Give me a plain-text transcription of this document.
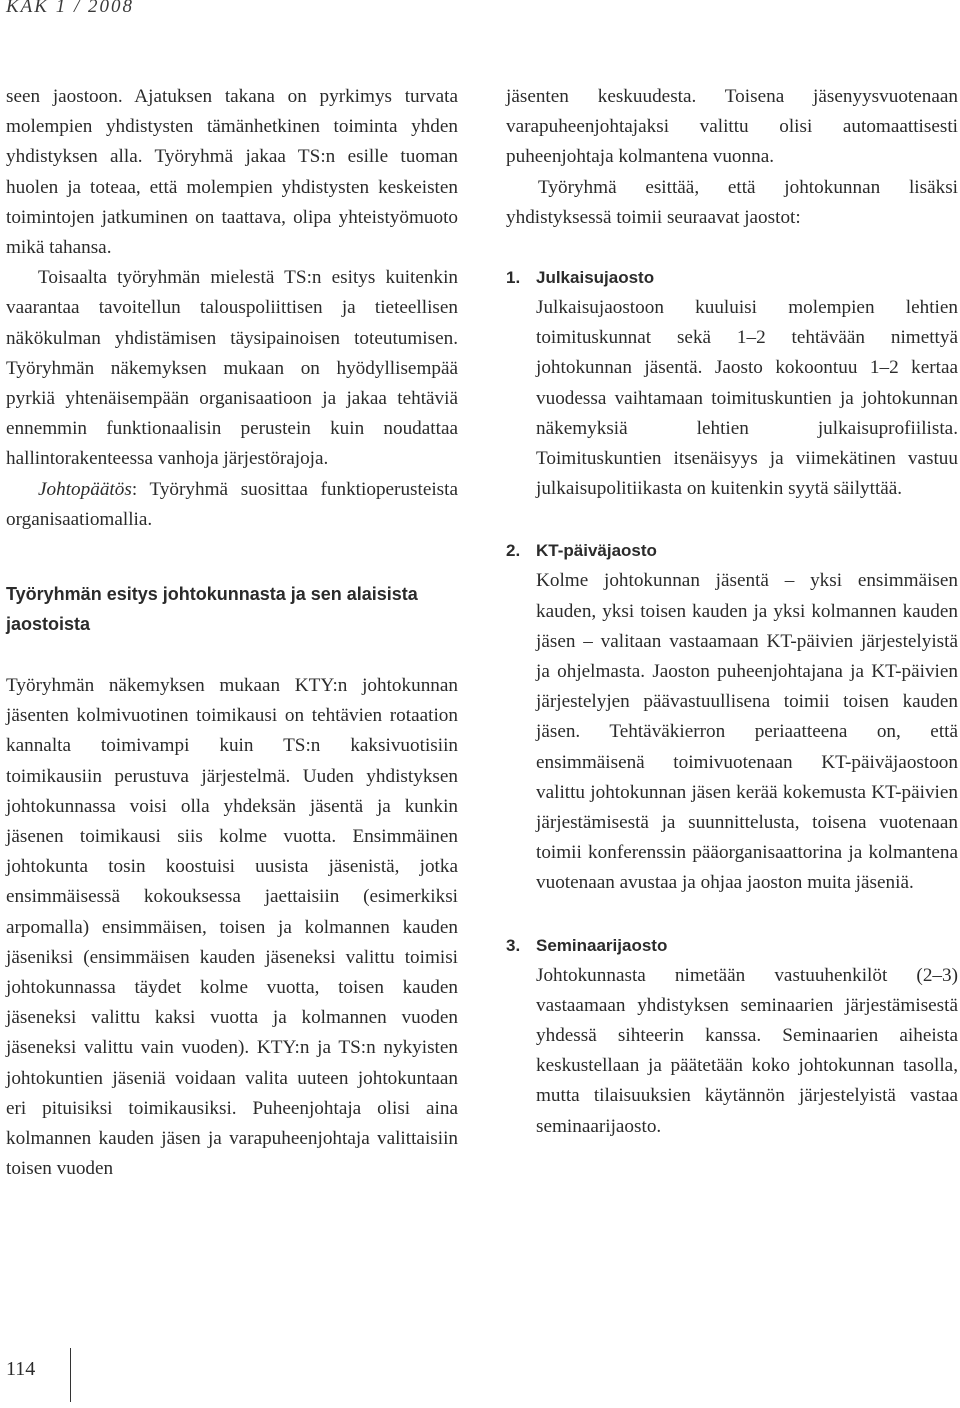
KAK 1 / 2008

seen jaostoon. Ajatuksen takana on pyrkimys turvata molempien yhdistysten tämänhetkinen toiminta yhden yhdistyksen alla. Työryhmä jakaa TS:n esille tuoman huolen ja toteaa, että molempien yhdistysten keskeisten toimintojen jatkuminen on taattava, olipa yhteistyömuoto mikä tahansa.

Toisaalta työryhmän mielestä TS:n esitys kuitenkin vaarantaa tavoitellun talouspoliittisen ja tieteellisen näkökulman yhdistämisen täysipainoisen toteutumisen. Työryhmän näkemyksen mukaan on hyödyllisempää pyrkiä yhtenäisempään organisaatioon ja jakaa tehtäviä ennemmin funktionaalisin perustein kuin noudattaa hallintorakenteessa vanhoja järjestörajoja.

Johtopäätös: Työryhmä suosittaa funktioperusteista organisaatiomallia.

Työryhmän esitys johtokunnasta ja sen alaisista jaostoista

Työryhmän näkemyksen mukaan KTY:n johtokunnan jäsenten kolmivuotinen toimikausi on tehtävien rotaation kannalta toimivampi kuin TS:n kaksivuotisiin toimikausiin perustuva järjestelmä. Uuden yhdistyksen johtokunnassa voisi olla yhdeksän jäsentä ja kunkin jäsenen toimikausi siis kolme vuotta. Ensimmäinen johtokunta tosin koostuisi uusista jäsenistä, jotka ensimmäisessä kokouksessa jaettaisiin (esimerkiksi arpomalla) ensimmäisen, toisen ja kolmannen kauden jäseniksi (ensimmäisen kauden jäseneksi valittu toimisi johtokunnassa täydet kolme vuotta, toisen kauden jäseneksi valittu kaksi vuotta ja kolmannen vuoden jäseneksi valittu vain vuoden). KTY:n ja TS:n nykyisten johtokuntien jäseniä voidaan valita uuteen johtokuntaan eri pituisiksi toimikausiksi. Puheenjohtaja olisi aina kolmannen kauden jäsen ja varapuheenjohtaja valittaisiin toisen vuoden

jäsenten keskuudesta. Toisena jäsenyysvuotenaan varapuheenjohtajaksi valittu olisi automaattisesti puheenjohtaja kolmantena vuonna.

Työryhmä esittää, että johtokunnan lisäksi yhdistyksessä toimii seuraavat jaostot:

1. Julkaisujaosto

Julkaisujaostoon kuuluisi molempien lehtien toimituskunnat sekä 1–2 tehtävään nimettyä johtokunnan jäsentä. Jaosto kokoontuu 1–2 kertaa vuodessa vaihtamaan toimituskuntien ja johtokunnan näkemyksiä lehtien julkaisuprofiilista. Toimituskuntien itsenäisyys ja viimekätinen vastuu julkaisupolitiikasta on kuitenkin syytä säilyttää.

2. KT-päiväjaosto

Kolme johtokunnan jäsentä – yksi ensimmäisen kauden, yksi toisen kauden ja yksi kolmannen kauden jäsen – valitaan vastaamaan KT-päivien järjestelyistä ja ohjelmasta. Jaoston puheenjohtajana ja KT-päivien järjestelyjen päävastuullisena toimii toisen kauden jäsen. Tehtäväkierron periaatteena on, että ensimmäisenä toimivuotenaan KT-päiväjaostoon valittu johtokunnan jäsen kerää kokemusta KT-päivien järjestämisestä ja suunnittelusta, toisena vuotenaan toimii konferenssin pääorganisaattorina ja kolmantena vuotenaan avustaa ja ohjaa jaoston muita jäseniä.

3. Seminaarijaosto

Johtokunnasta nimetään vastuuhenkilöt (2–3) vastaamaan yhdistyksen seminaarien järjestämisestä yhdessä sihteerin kanssa. Seminaarien aiheista keskustellaan ja päätetään koko johtokunnan tasolla, mutta tilaisuuksien käytännön järjestelyistä vastaa seminaarijaosto.

114
